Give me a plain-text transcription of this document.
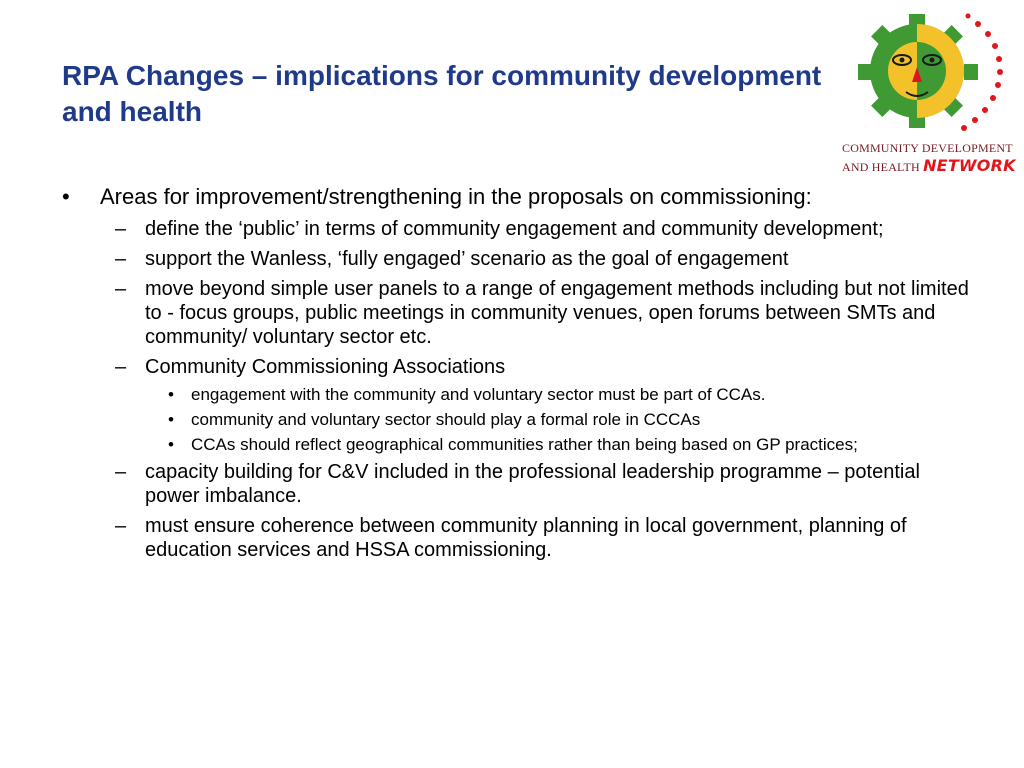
RPA Changes – implications for community development and health
COMMUNITY DEVELOPMENT
AND HEALTH NETWORK
• Areas for improvement/strengthening in the proposals on commissioning:
– define the ‘public’ in terms of community engagement and community development;
– support the Wanless, ‘fully engaged’ scenario as the goal of engagement
– move beyond simple user panels to a range of engagement methods including but not limited to - focus groups, public meetings in community venues, open forums between SMTs and community/ voluntary sector etc.
– Community Commissioning Associations
• engagement with the community and voluntary sector must be part of CCAs.
• community and voluntary sector should play a formal role in CCCAs
• CCAs should reflect geographical communities rather than being based on GP practices;
– capacity building for C&V included in the professional leadership programme – potential power imbalance.
– must ensure coherence between community planning in local government, planning of education services and HSSA commissioning.
